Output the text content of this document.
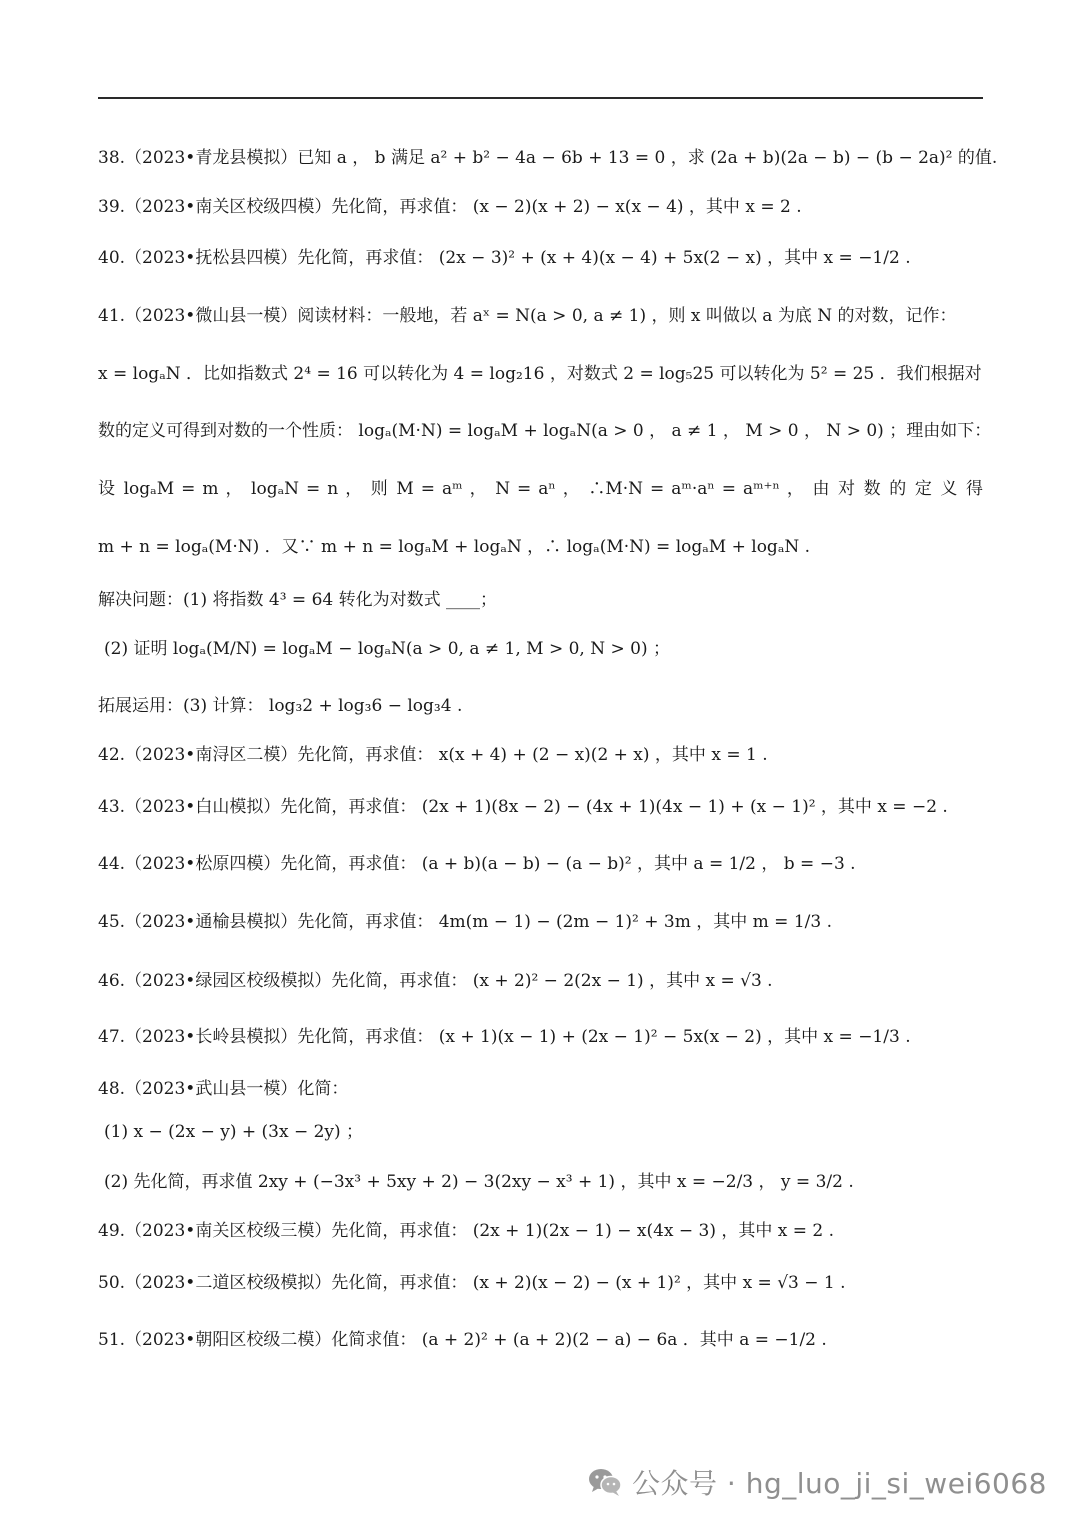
38.（2023•青龙县模拟）已知 a ， b 满足 a² + b² − 4a − 6b + 13 = 0 ，求 (2a + b)(2a − b) − (b − 2a)² 的值.
39.（2023•南关区校级四模）先化简，再求值： (x − 2)(x + 2) − x(x − 4) ，其中 x = 2 .
40.（2023•抚松县四模）先化简，再求值： (2x − 3)² + (x + 4)(x − 4) + 5x(2 − x) ，其中 x = −1/2 .
41.（2023•微山县一模）阅读材料：一般地，若 aˣ = N(a > 0, a ≠ 1) ，则 x 叫做以 a 为底 N 的对数，记作：
x = logₐN ．比如指数式 2⁴ = 16 可以转化为 4 = log₂16 ，对数式 2 = log₅25 可以转化为 5² = 25 ．我们根据对
数的定义可得到对数的一个性质： logₐ(M·N) = logₐM + logₐN(a > 0 ， a ≠ 1 ， M > 0 ， N > 0) ；理由如下：
设 logₐM = m ， logₐN = n ， 则 M = aᵐ ， N = aⁿ ， ∴M·N = aᵐ·aⁿ = aᵐ⁺ⁿ ， 由 对 数 的 定 义 得
m + n = logₐ(M·N) ．又∵ m + n = logₐM + logₐN ，∴ logₐ(M·N) = logₐM + logₐN .
解决问题：(1) 将指数 4³ = 64 转化为对数式 ____；
(2) 证明 logₐ(M/N) = logₐM − logₐN(a > 0, a ≠ 1, M > 0, N > 0) ；
拓展运用：(3) 计算： log₃2 + log₃6 − log₃4 .
42.（2023•南浔区二模）先化简，再求值： x(x + 4) + (2 − x)(2 + x) ，其中 x = 1 .
43.（2023•白山模拟）先化简，再求值： (2x + 1)(8x − 2) − (4x + 1)(4x − 1) + (x − 1)² ，其中 x = −2 .
44.（2023•松原四模）先化简，再求值： (a + b)(a − b) − (a − b)² ，其中 a = 1/2 ， b = −3 .
45.（2023•通榆县模拟）先化简，再求值： 4m(m − 1) − (2m − 1)² + 3m ，其中 m = 1/3 .
46.（2023•绿园区校级模拟）先化简，再求值： (x + 2)² − 2(2x − 1) ，其中 x = √3 .
47.（2023•长岭县模拟）先化简，再求值： (x + 1)(x − 1) + (2x − 1)² − 5x(x − 2) ，其中 x = −1/3 .
48.（2023•武山县一模）化简：
(1) x − (2x − y) + (3x − 2y) ；
(2) 先化简，再求值 2xy + (−3x³ + 5xy + 2) − 3(2xy − x³ + 1) ，其中 x = −2/3 ， y = 3/2 .
49.（2023•南关区校级三模）先化简，再求值： (2x + 1)(2x − 1) − x(4x − 3) ，其中 x = 2 .
50.（2023•二道区校级模拟）先化简，再求值： (x + 2)(x − 2) − (x + 1)² ，其中 x = √3 − 1 .
51.（2023•朝阳区校级二模）化简求值： (a + 2)² + (a + 2)(2 − a) − 6a ．其中 a = −1/2 .
公众号 · hg_luo_ji_si_wei6068
